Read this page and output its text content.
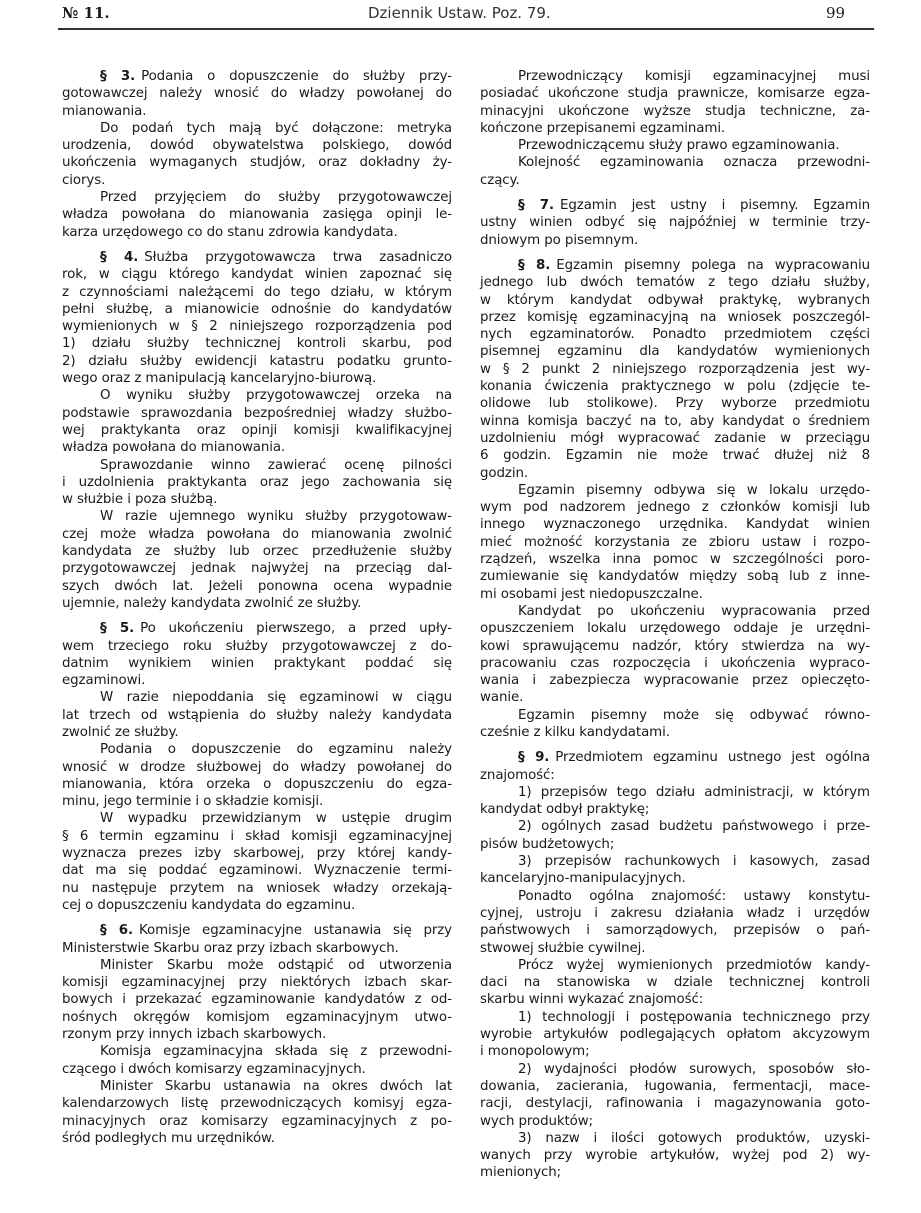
№ 11.	Dziennik Ustaw. Poz. 79.	99
§ 3. Podania o dopuszczenie do służby przy-
gotowawczej należy wnosić do władzy powołanej do
mianowania.
Do podań tych mają być dołączone: metryka
urodzenia, dowód obywatelstwa polskiego, dowód
ukończenia wymaganych studjów, oraz dokładny ży-
ciorys.
Przed przyjęciem do służby przygotowawczej
władza powołana do mianowania zasięga opinji le-
karza urzędowego co do stanu zdrowia kandydata.
§ 4. Służba przygotowawcza trwa zasadniczo
rok, w ciągu którego kandydat winien zapoznać się
z czynnościami należącemi do tego działu, w którym
pełni służbę, a mianowicie odnośnie do kandydatów
wymienionych w § 2 niniejszego rozporządzenia pod
1) działu służby technicznej kontroli skarbu, pod
2) działu służby ewidencji katastru podatku grunto-
wego oraz z manipulacją kancelaryjno-biurową.
O wyniku służby przygotowawczej orzeka na
podstawie sprawozdania bezpośredniej władzy służbo-
wej praktykanta oraz opinji komisji kwalifikacyjnej
władza powołana do mianowania.
Sprawozdanie winno zawierać ocenę pilności
i uzdolnienia praktykanta oraz jego zachowania się
w służbie i poza służbą.
W razie ujemnego wyniku służby przygotowaw-
czej może władza powołana do mianowania zwolnić
kandydata ze służby lub orzec przedłużenie służby
przygotowawczej jednak najwyżej na przeciąg dal-
szych dwóch lat. Jeżeli ponowna ocena wypadnie
ujemnie, należy kandydata zwolnić ze służby.
§ 5. Po ukończeniu pierwszego, a przed upły-
wem trzeciego roku służby przygotowawczej z do-
datnim wynikiem winien praktykant poddać się
egzaminowi.
W razie niepoddania się egzaminowi w ciągu
lat trzech od wstąpienia do służby należy kandydata
zwolnić ze służby.
Podania o dopuszczenie do egzaminu należy
wnosić w drodze służbowej do władzy powołanej do
mianowania, która orzeka o dopuszczeniu do egza-
minu, jego terminie i o składzie komisji.
W wypadku przewidzianym w ustępie drugim
§ 6 termin egzaminu i skład komisji egzaminacyjnej
wyznacza prezes izby skarbowej, przy której kandy-
dat ma się poddać egzaminowi. Wyznaczenie termi-
nu następuje przytem na wniosek władzy orzekają-
cej o dopuszczeniu kandydata do egzaminu.
§ 6. Komisje egzaminacyjne ustanawia się przy
Ministerstwie Skarbu oraz przy izbach skarbowych.
Minister Skarbu może odstąpić od utworzenia
komisji egzaminacyjnej przy niektórych izbach skar-
bowych i przekazać egzaminowanie kandydatów z od-
nośnych okręgów komisjom egzaminacyjnym utwo-
rzonym przy innych izbach skarbowych.
Komisja egzaminacyjna składa się z przewodni-
czącego i dwóch komisarzy egzaminacyjnych.
Minister Skarbu ustanawia na okres dwóch lat
kalendarzowych listę przewodniczących komisyj egza-
minacyjnych oraz komisarzy egzaminacyjnych z po-
śród podległych mu urzędników.
Przewodniczący komisji egzaminacyjnej musi
posiadać ukończone studja prawnicze, komisarze egza-
minacyjni ukończone wyższe studja techniczne, za-
kończone przepisanemi egzaminami.
Przewodniczącemu służy prawo egzaminowania.
Kolejność egzaminowania oznacza przewodni-
czący.
§ 7. Egzamin jest ustny i pisemny. Egzamin
ustny winien odbyć się najpóźniej w terminie trzy-
dniowym po pisemnym.
§ 8. Egzamin pisemny polega na wypracowaniu
jednego lub dwóch tematów z tego działu służby,
w którym kandydat odbywał praktykę, wybranych
przez komisję egzaminacyjną na wniosek poszczegól-
nych egzaminatorów. Ponadto przedmiotem części
pisemnej egzaminu dla kandydatów wymienionych
w § 2 punkt 2 niniejszego rozporządzenia jest wy-
konania ćwiczenia praktycznego w polu (zdjęcie te-
olidowe lub stolikowe). Przy wyborze przedmiotu
winna komisja baczyć na to, aby kandydat o średniem
uzdolnieniu mógł wypracować zadanie w przeciągu
6 godzin. Egzamin nie może trwać dłużej niż 8
godzin.
Egzamin pisemny odbywa się w lokalu urzędo-
wym pod nadzorem jednego z członków komisji lub
innego wyznaczonego urzędnika. Kandydat winien
mieć możność korzystania ze zbioru ustaw i rozpo-
rządzeń, wszelka inna pomoc w szczególności poro-
zumiewanie się kandydatów między sobą lub z inne-
mi osobami jest niedopuszczalne.
Kandydat po ukończeniu wypracowania przed
opuszczeniem lokalu urzędowego oddaje je urzędni-
kowi sprawującemu nadzór, który stwierdza na wy-
pracowaniu czas rozpoczęcia i ukończenia wypraco-
wania i zabezpiecza wypracowanie przez opieczęto-
wanie.
Egzamin pisemny może się odbywać równo-
cześnie z kilku kandydatami.
§ 9. Przedmiotem egzaminu ustnego jest ogólna
znajomość:
1) przepisów tego działu administracji, w którym
kandydat odbył praktykę;
2) ogólnych zasad budżetu państwowego i prze-
pisów budżetowych;
3) przepisów rachunkowych i kasowych, zasad
kancelaryjno-manipulacyjnych.
Ponadto ogólna znajomość: ustawy konstytu-
cyjnej, ustroju i zakresu działania władz i urzędów
państwowych i samorządowych, przepisów o pań-
stwowej służbie cywilnej.
Prócz wyżej wymienionych przedmiotów kandy-
daci na stanowiska w dziale technicznej kontroli
skarbu winni wykazać znajomość:
1) technologji i postępowania technicznego przy
wyrobie artykułów podlegających opłatom akcyzowym
i monopolowym;
2) wydajności płodów surowych, sposobów sło-
dowania, zacierania, ługowania, fermentacji, mace-
racji, destylacji, rafinowania i magazynowania goto-
wych produktów;
3) nazw i ilości gotowych produktów, uzyski-
wanych przy wyrobie artykułów, wyżej pod 2) wy-
mienionych;
